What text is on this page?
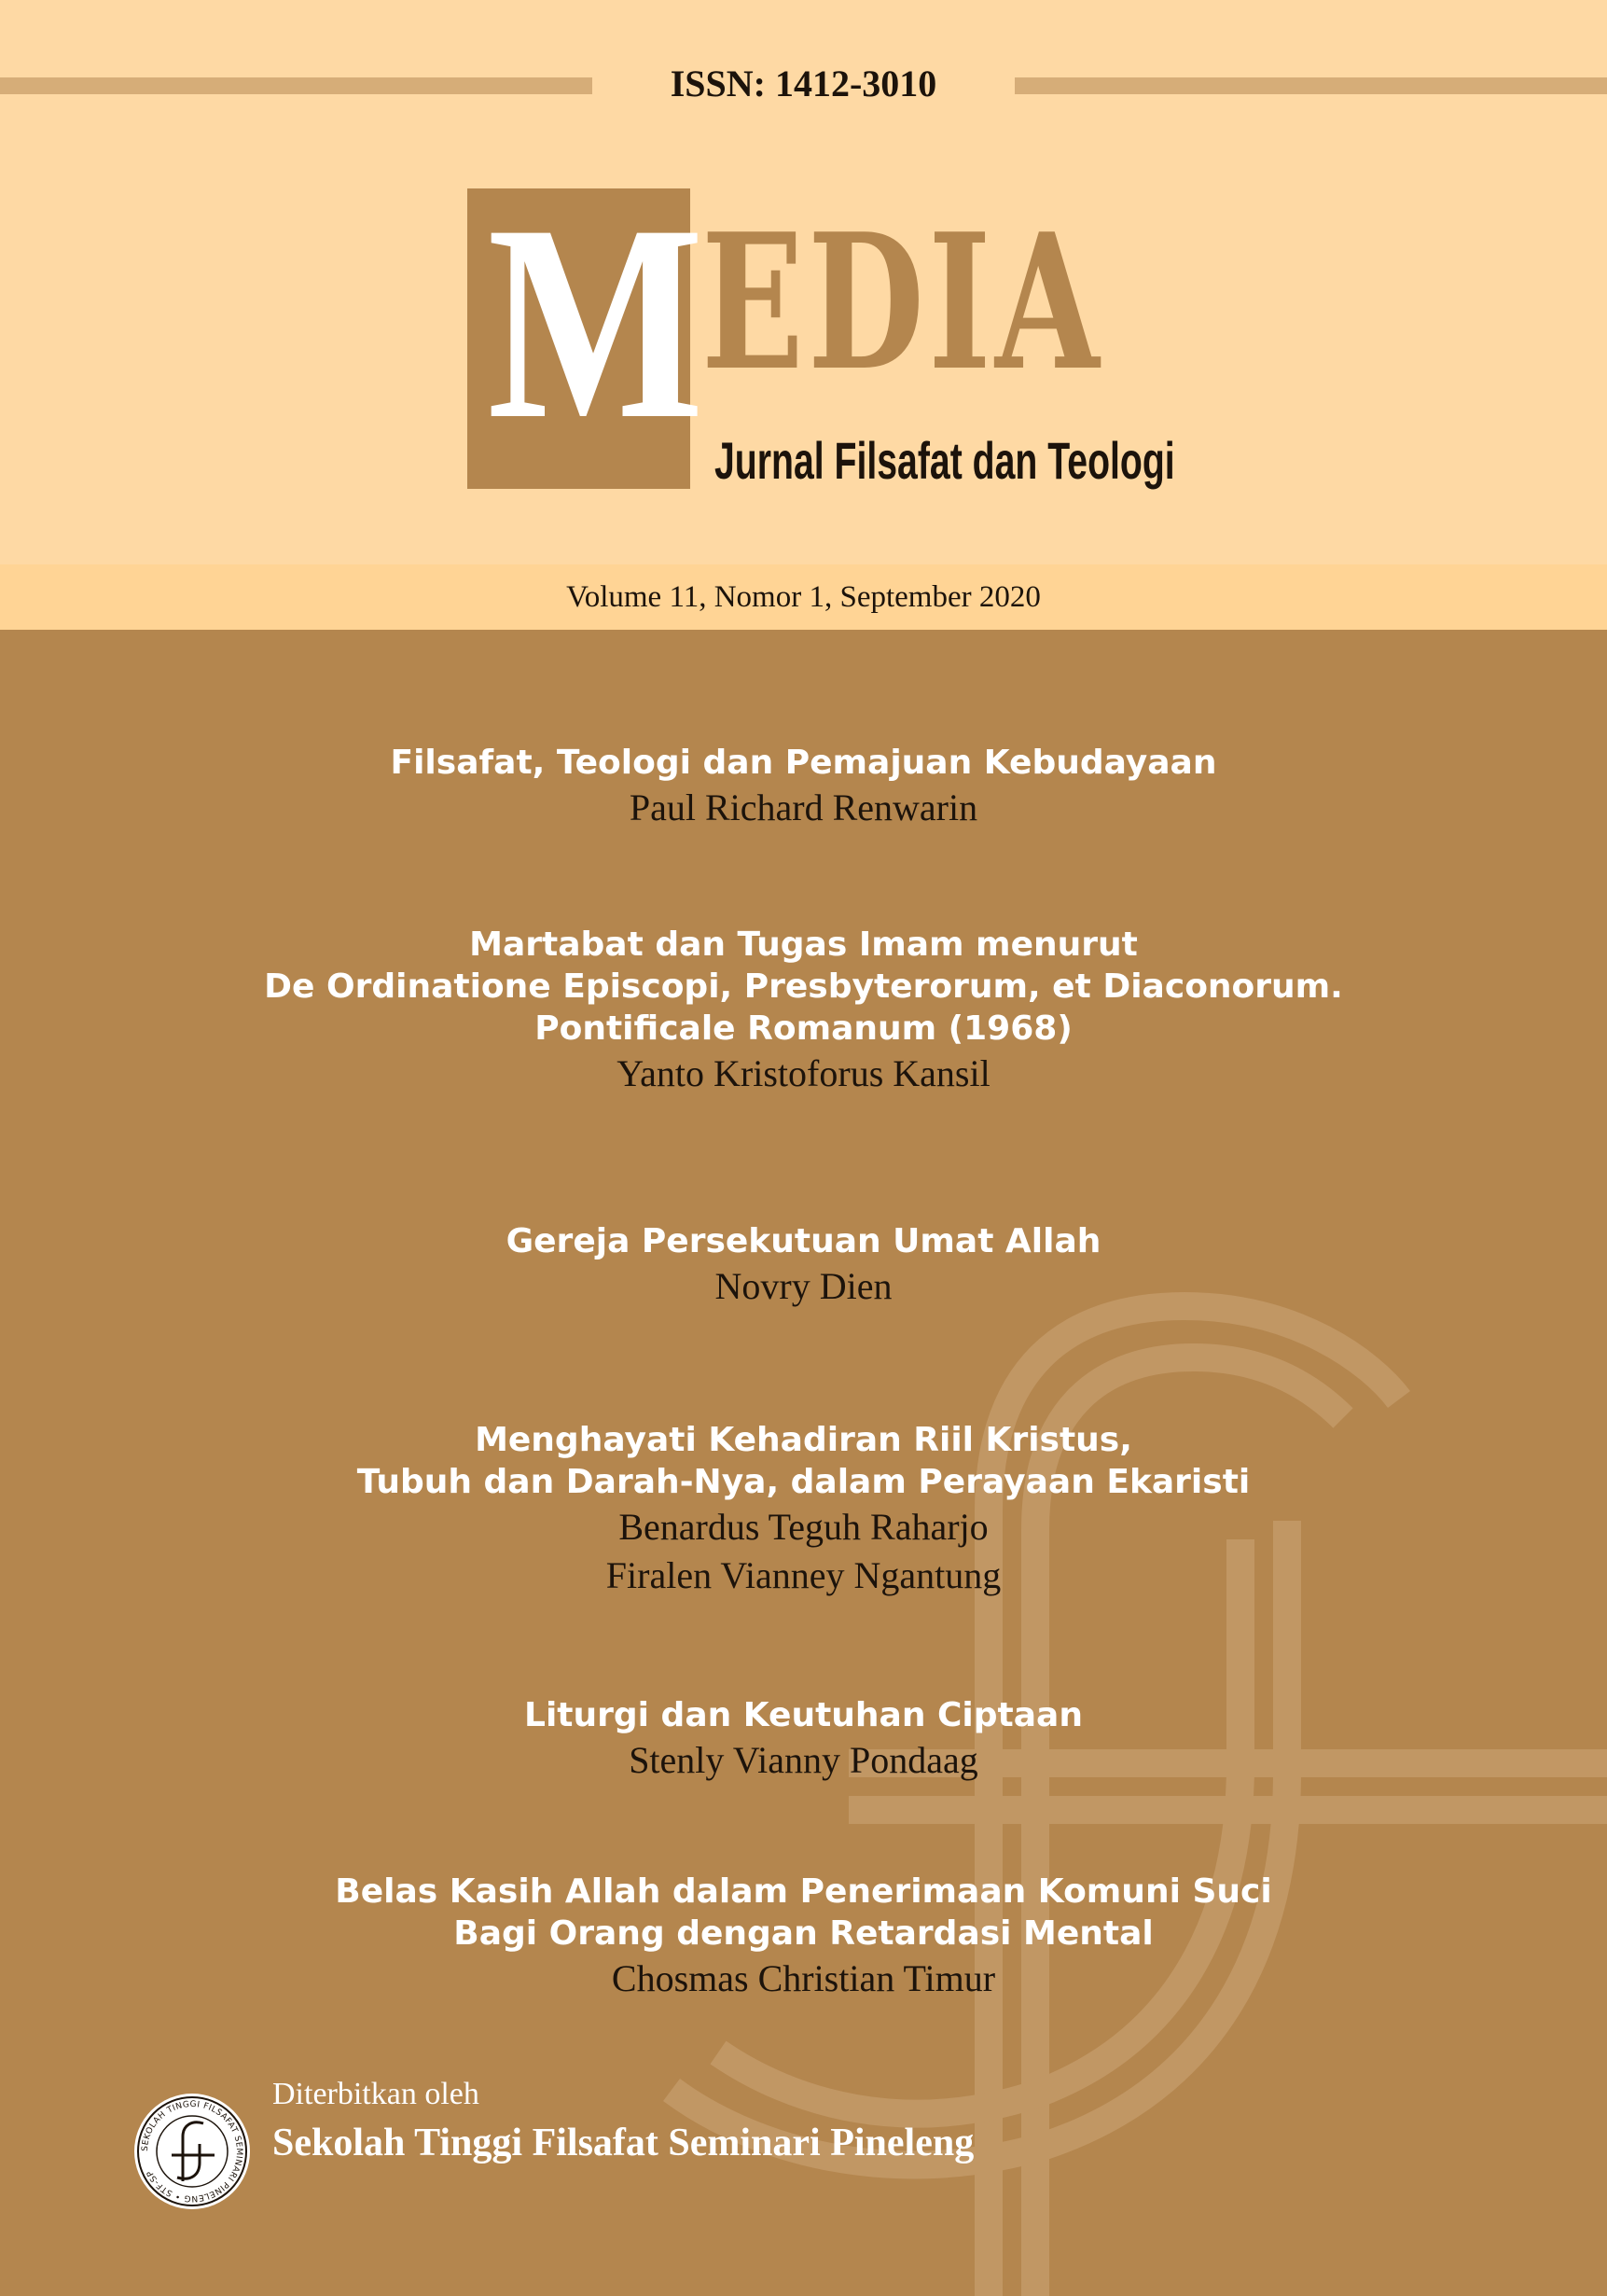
ISSN: 1412-3010
M
EDIA
Jurnal Filsafat dan Teologi
Volume 11, Nomor 1, September 2020
Filsafat, Teologi dan Pemajuan Kebudayaan
Paul Richard Renwarin
Martabat dan Tugas Imam menurut
De Ordinatione Episcopi, Presbyterorum, et Diaconorum.
Pontificale Romanum (1968)
Yanto Kristoforus Kansil
Gereja Persekutuan Umat Allah
Novry Dien
Menghayati Kehadiran Riil Kristus,
Tubuh dan Darah-Nya, dalam Perayaan Ekaristi
Benardus Teguh Raharjo
Firalen Vianney Ngantung
Liturgi dan Keutuhan Ciptaan
Stenly Vianny Pondaag
Belas Kasih Allah dalam Penerimaan Komuni Suci
Bagi Orang dengan Retardasi Mental
Chosmas Christian Timur
SEKOLAH TINGGI FILSAFAT SEMINARI PINELENG • STF-SP
Diterbitkan oleh
Sekolah Tinggi Filsafat Seminari Pineleng
